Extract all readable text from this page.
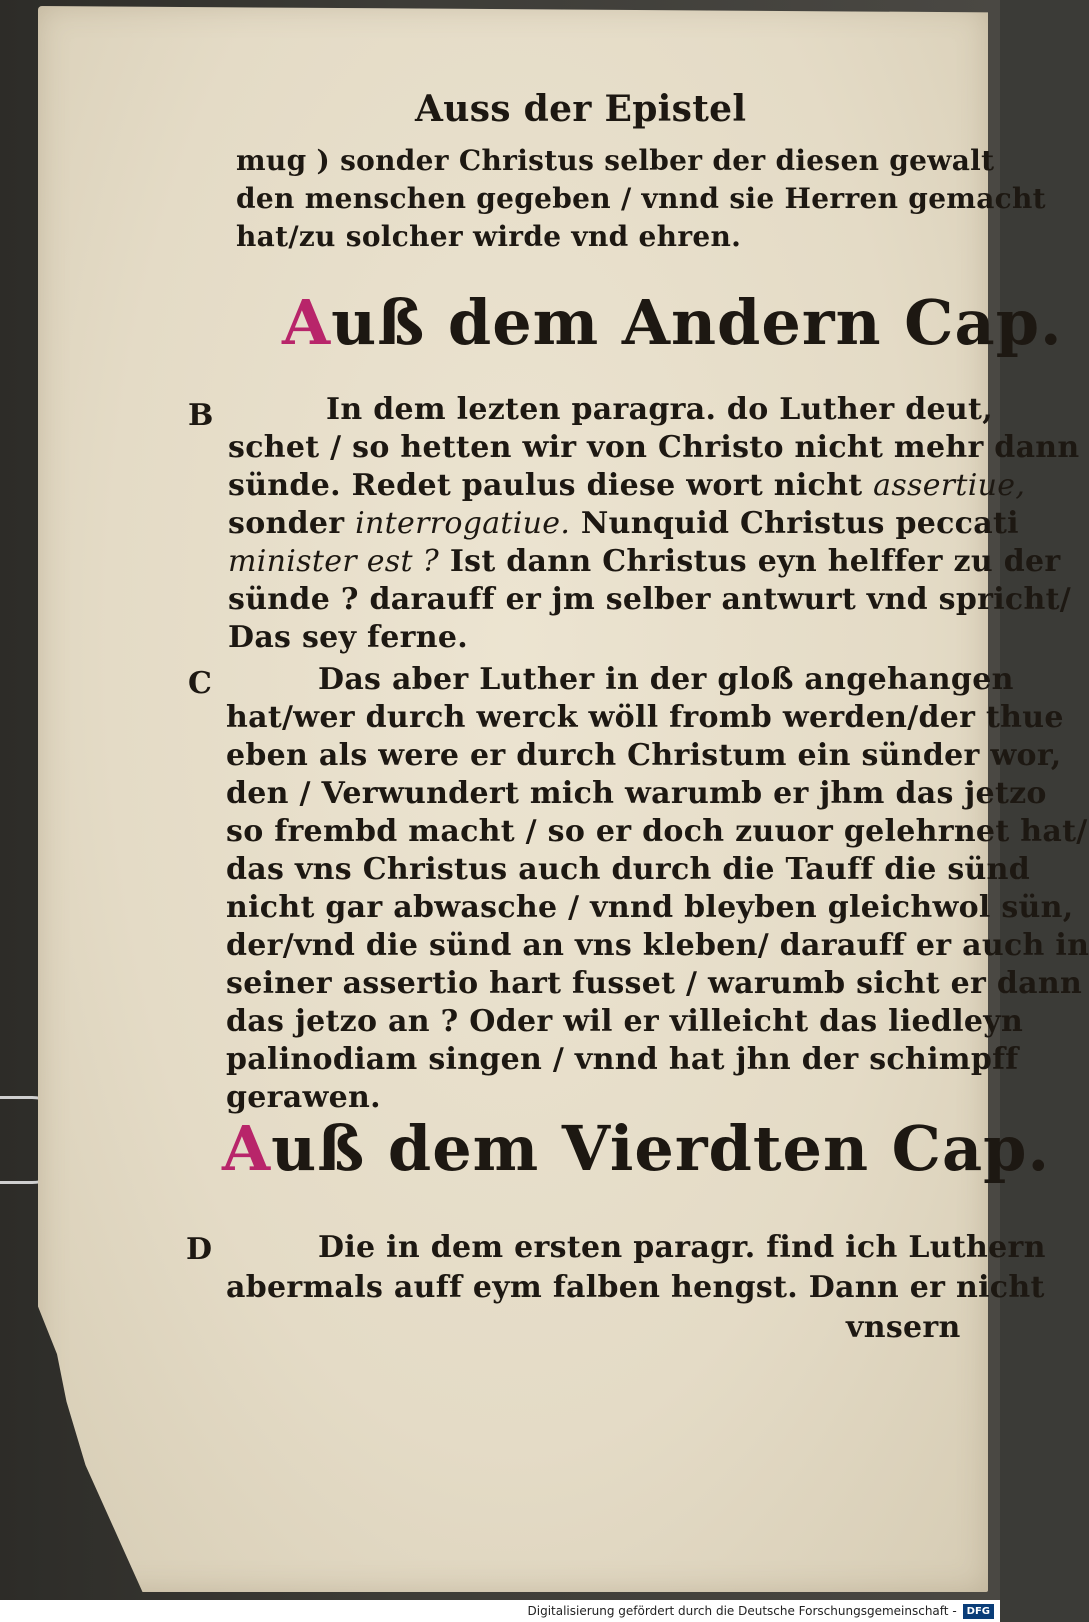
Auss der Epistel
mug ) sonder Christus selber der diesen gewalt
den menschen gegeben / vnnd sie Herren gemacht
hat/zu solcher wirde vnd ehren.
Auß dem Andern Cap.
B	In dem lezten paragra. do Luther deut,
schet / so hetten wir von Christo nicht mehr dann
sünde. Redet paulus diese wort nicht assertiue,
sonder interrogatiue. Nunquid Christus peccati
minister est ? Ist dann Christus eyn helffer zu der
sünde ? darauff er jm selber antwurt vnd spricht/
Das sey ferne.
C	Das aber Luther in der gloß angehangen
hat/wer durch werck wöll fromb werden/der thue
eben als were er durch Christum ein sünder wor,
den / Verwundert mich warumb er jhm das jetzo
so frembd macht / so er doch zuuor gelehrnet hat/
das vns Christus auch durch die Tauff die sünd
nicht gar abwasche / vnnd bleyben gleichwol sün,
der/vnd die sünd an vns kleben/ darauff er auch in
seiner assertio hart fusset / warumb sicht er dann
das jetzo an ? Oder wil er villeicht das liedleyn
palinodiam singen / vnnd hat jhn der schimpff
gerawen.
Auß dem Vierdten Cap.
D	Die in dem ersten paragr. find ich Luthern
abermals auff eym falben hengst. Dann er nicht
vnsern
Digitalisierung gefördert durch die Deutsche Forschungsgemeinschaft -	DFG
